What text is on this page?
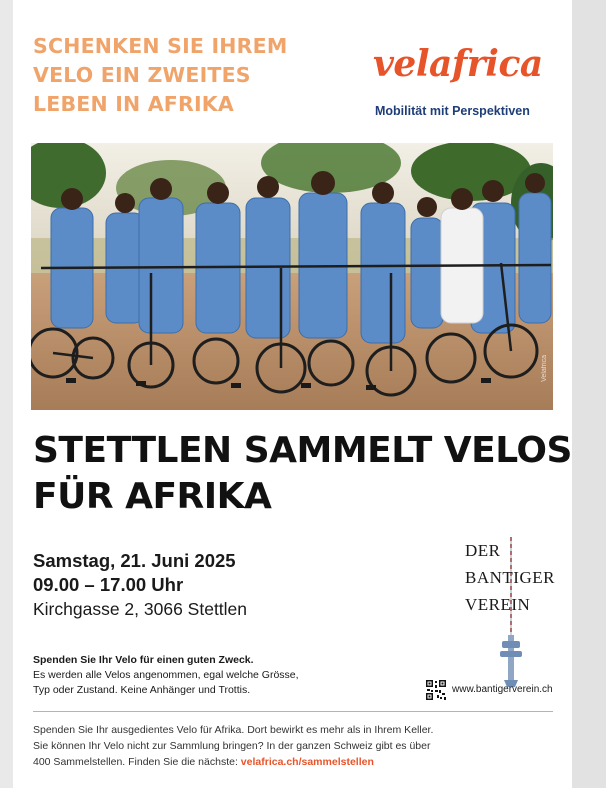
SCHENKEN SIE IHREM
VELO EIN ZWEITES
LEBEN IN AFRIKA
velafrica
Mobilität mit Perspektiven
Velafrica
STETTLEN SAMMELT VELOS
FÜR AFRIKA
Samstag, 21. Juni 2025
09.00 – 17.00 Uhr
Kirchgasse 2, 3066 Stettlen
Spenden Sie Ihr Velo für einen guten Zweck.
Es werden alle Velos angenommen, egal welche Grösse,
Typ oder Zustand. Keine Anhänger und Trottis.
DER
BANTIGER
VEREIN
www.bantigerverein.ch
Spenden Sie Ihr ausgedientes Velo für Afrika. Dort bewirkt es mehr als in Ihrem Keller.
Sie können Ihr Velo nicht zur Sammlung bringen? In der ganzen Schweiz gibt es über
400 Sammelstellen. Finden Sie die nächste: velafrica.ch/sammelstellen
